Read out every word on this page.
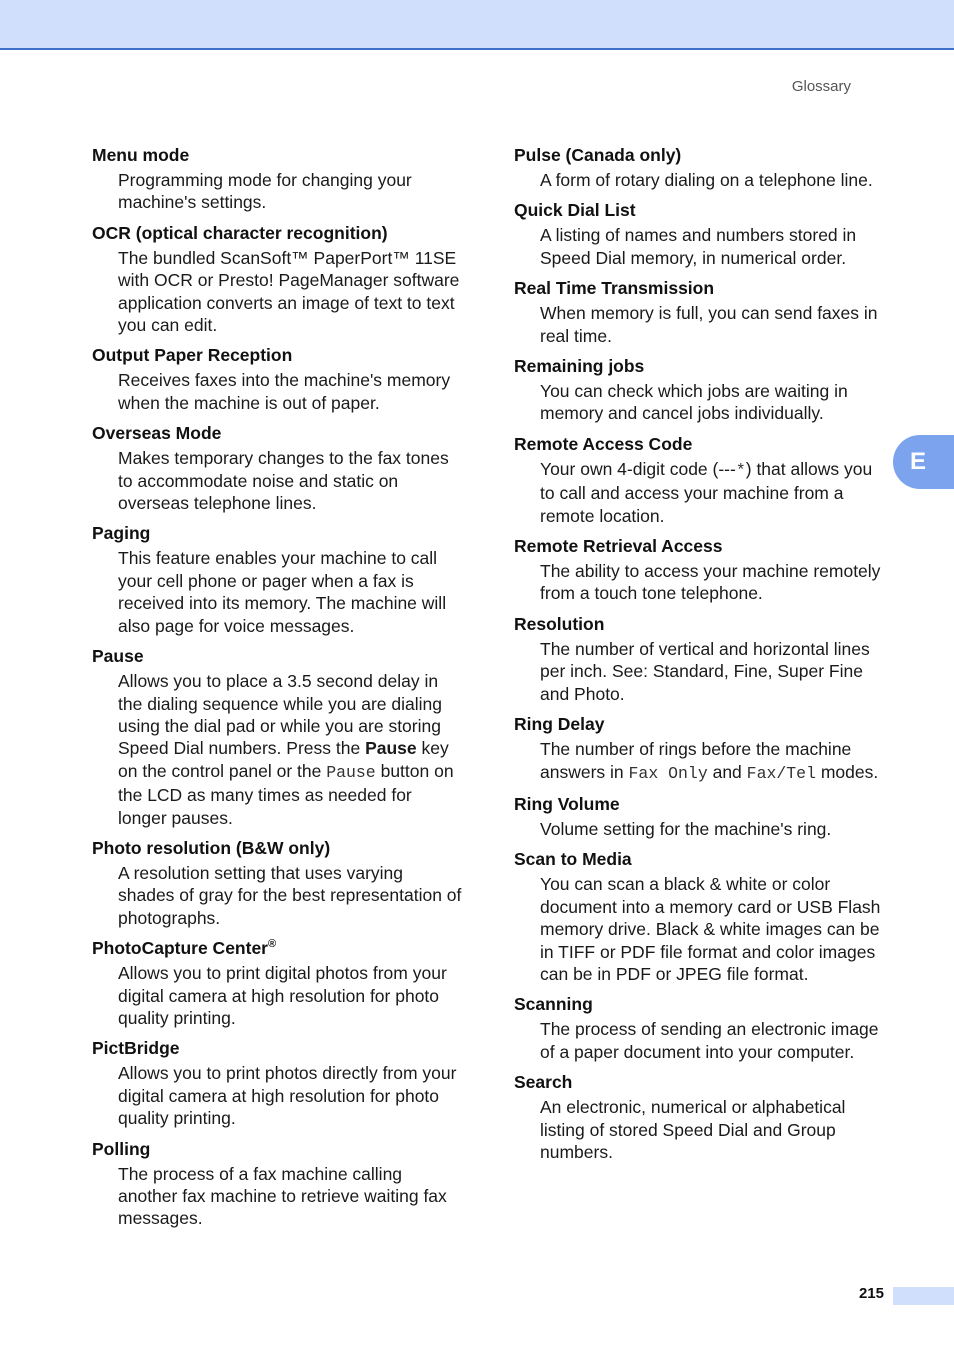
Glossary

Menu mode

Programming mode for changing your machine's settings.

OCR (optical character recognition)

The bundled ScanSoft™ PaperPort™ 11SE with OCR or Presto! PageManager software application converts an image of text to text you can edit.

Output Paper Reception

Receives faxes into the machine's memory when the machine is out of paper.

Overseas Mode

Makes temporary changes to the fax tones to accommodate noise and static on overseas telephone lines.

Paging

This feature enables your machine to call your cell phone or pager when a fax is received into its memory. The machine will also page for voice messages.

Pause

Allows you to place a 3.5 second delay in the dialing sequence while you are dialing using the dial pad or while you are storing Speed Dial numbers. Press the Pause key on the control panel or the Pause button on the LCD as many times as needed for longer pauses.

Photo resolution (B&W only)

A resolution setting that uses varying shades of gray for the best representation of photographs.

PhotoCapture Center®

Allows you to print digital photos from your digital camera at high resolution for photo quality printing.

PictBridge

Allows you to print photos directly from your digital camera at high resolution for photo quality printing.

Polling

The process of a fax machine calling another fax machine to retrieve waiting fax messages.

Pulse (Canada only)

A form of rotary dialing on a telephone line.

Quick Dial List

A listing of names and numbers stored in Speed Dial memory, in numerical order.

Real Time Transmission

When memory is full, you can send faxes in real time.

Remaining jobs

You can check which jobs are waiting in memory and cancel jobs individually.

Remote Access Code

Your own 4-digit code (---*) that allows you to call and access your machine from a remote location.

Remote Retrieval Access

The ability to access your machine remotely from a touch tone telephone.

Resolution

The number of vertical and horizontal lines per inch. See: Standard, Fine, Super Fine and Photo.

Ring Delay

The number of rings before the machine answers in Fax Only and Fax/Tel modes.

Ring Volume

Volume setting for the machine's ring.

Scan to Media

You can scan a black & white or color document into a memory card or USB Flash memory drive. Black & white images can be in TIFF or PDF file format and color images can be in PDF or JPEG file format.

Scanning

The process of sending an electronic image of a paper document into your computer.

Search

An electronic, numerical or alphabetical listing of stored Speed Dial and Group numbers.

E
215
